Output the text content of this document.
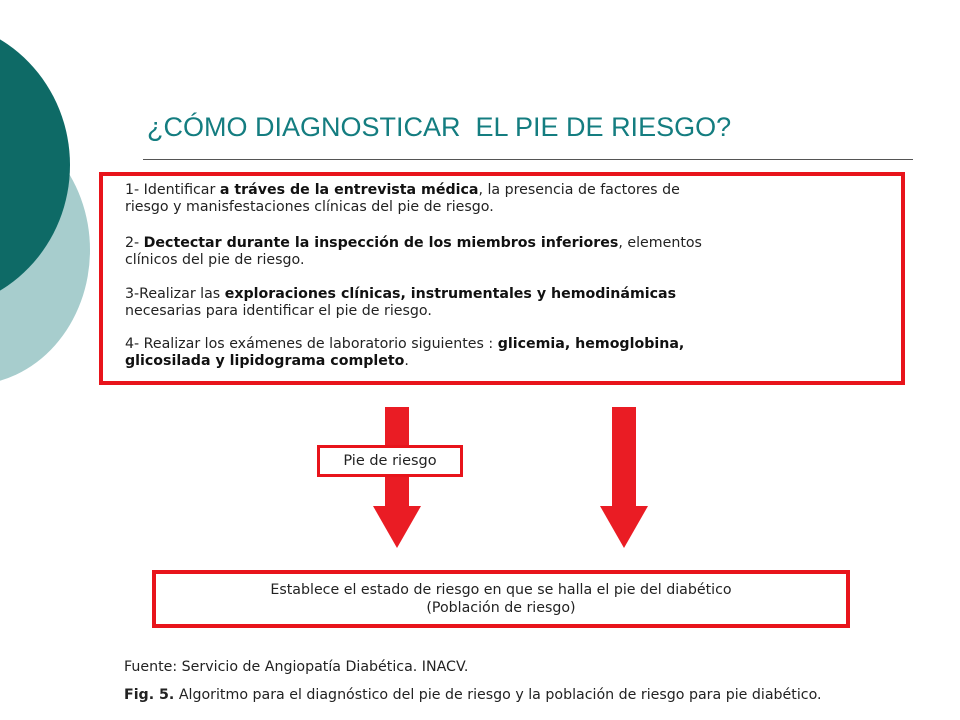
¿CÓMO DIAGNOSTICAR  EL PIE DE RIESGO?
1- Identificar a tráves de la entrevista médica, la presencia de factores de
riesgo y manisfestaciones clínicas del pie de riesgo.
2- Dectectar durante la inspección de los miembros inferiores, elementos
clínicos del pie de riesgo.
3-Realizar las exploraciones clínicas, instrumentales y hemodinámicas
necesarias para identificar el pie de riesgo.
4- Realizar los exámenes de laboratorio siguientes : glicemia, hemoglobina,
glicosilada y lipidograma completo.
Pie de riesgo
Establece el estado de riesgo en que se halla el pie del diabético
(Población de riesgo)
Fuente: Servicio de Angiopatía Diabética. INACV.
Fig. 5. Algoritmo para el diagnóstico del pie de riesgo y la población de riesgo para pie diabético.
